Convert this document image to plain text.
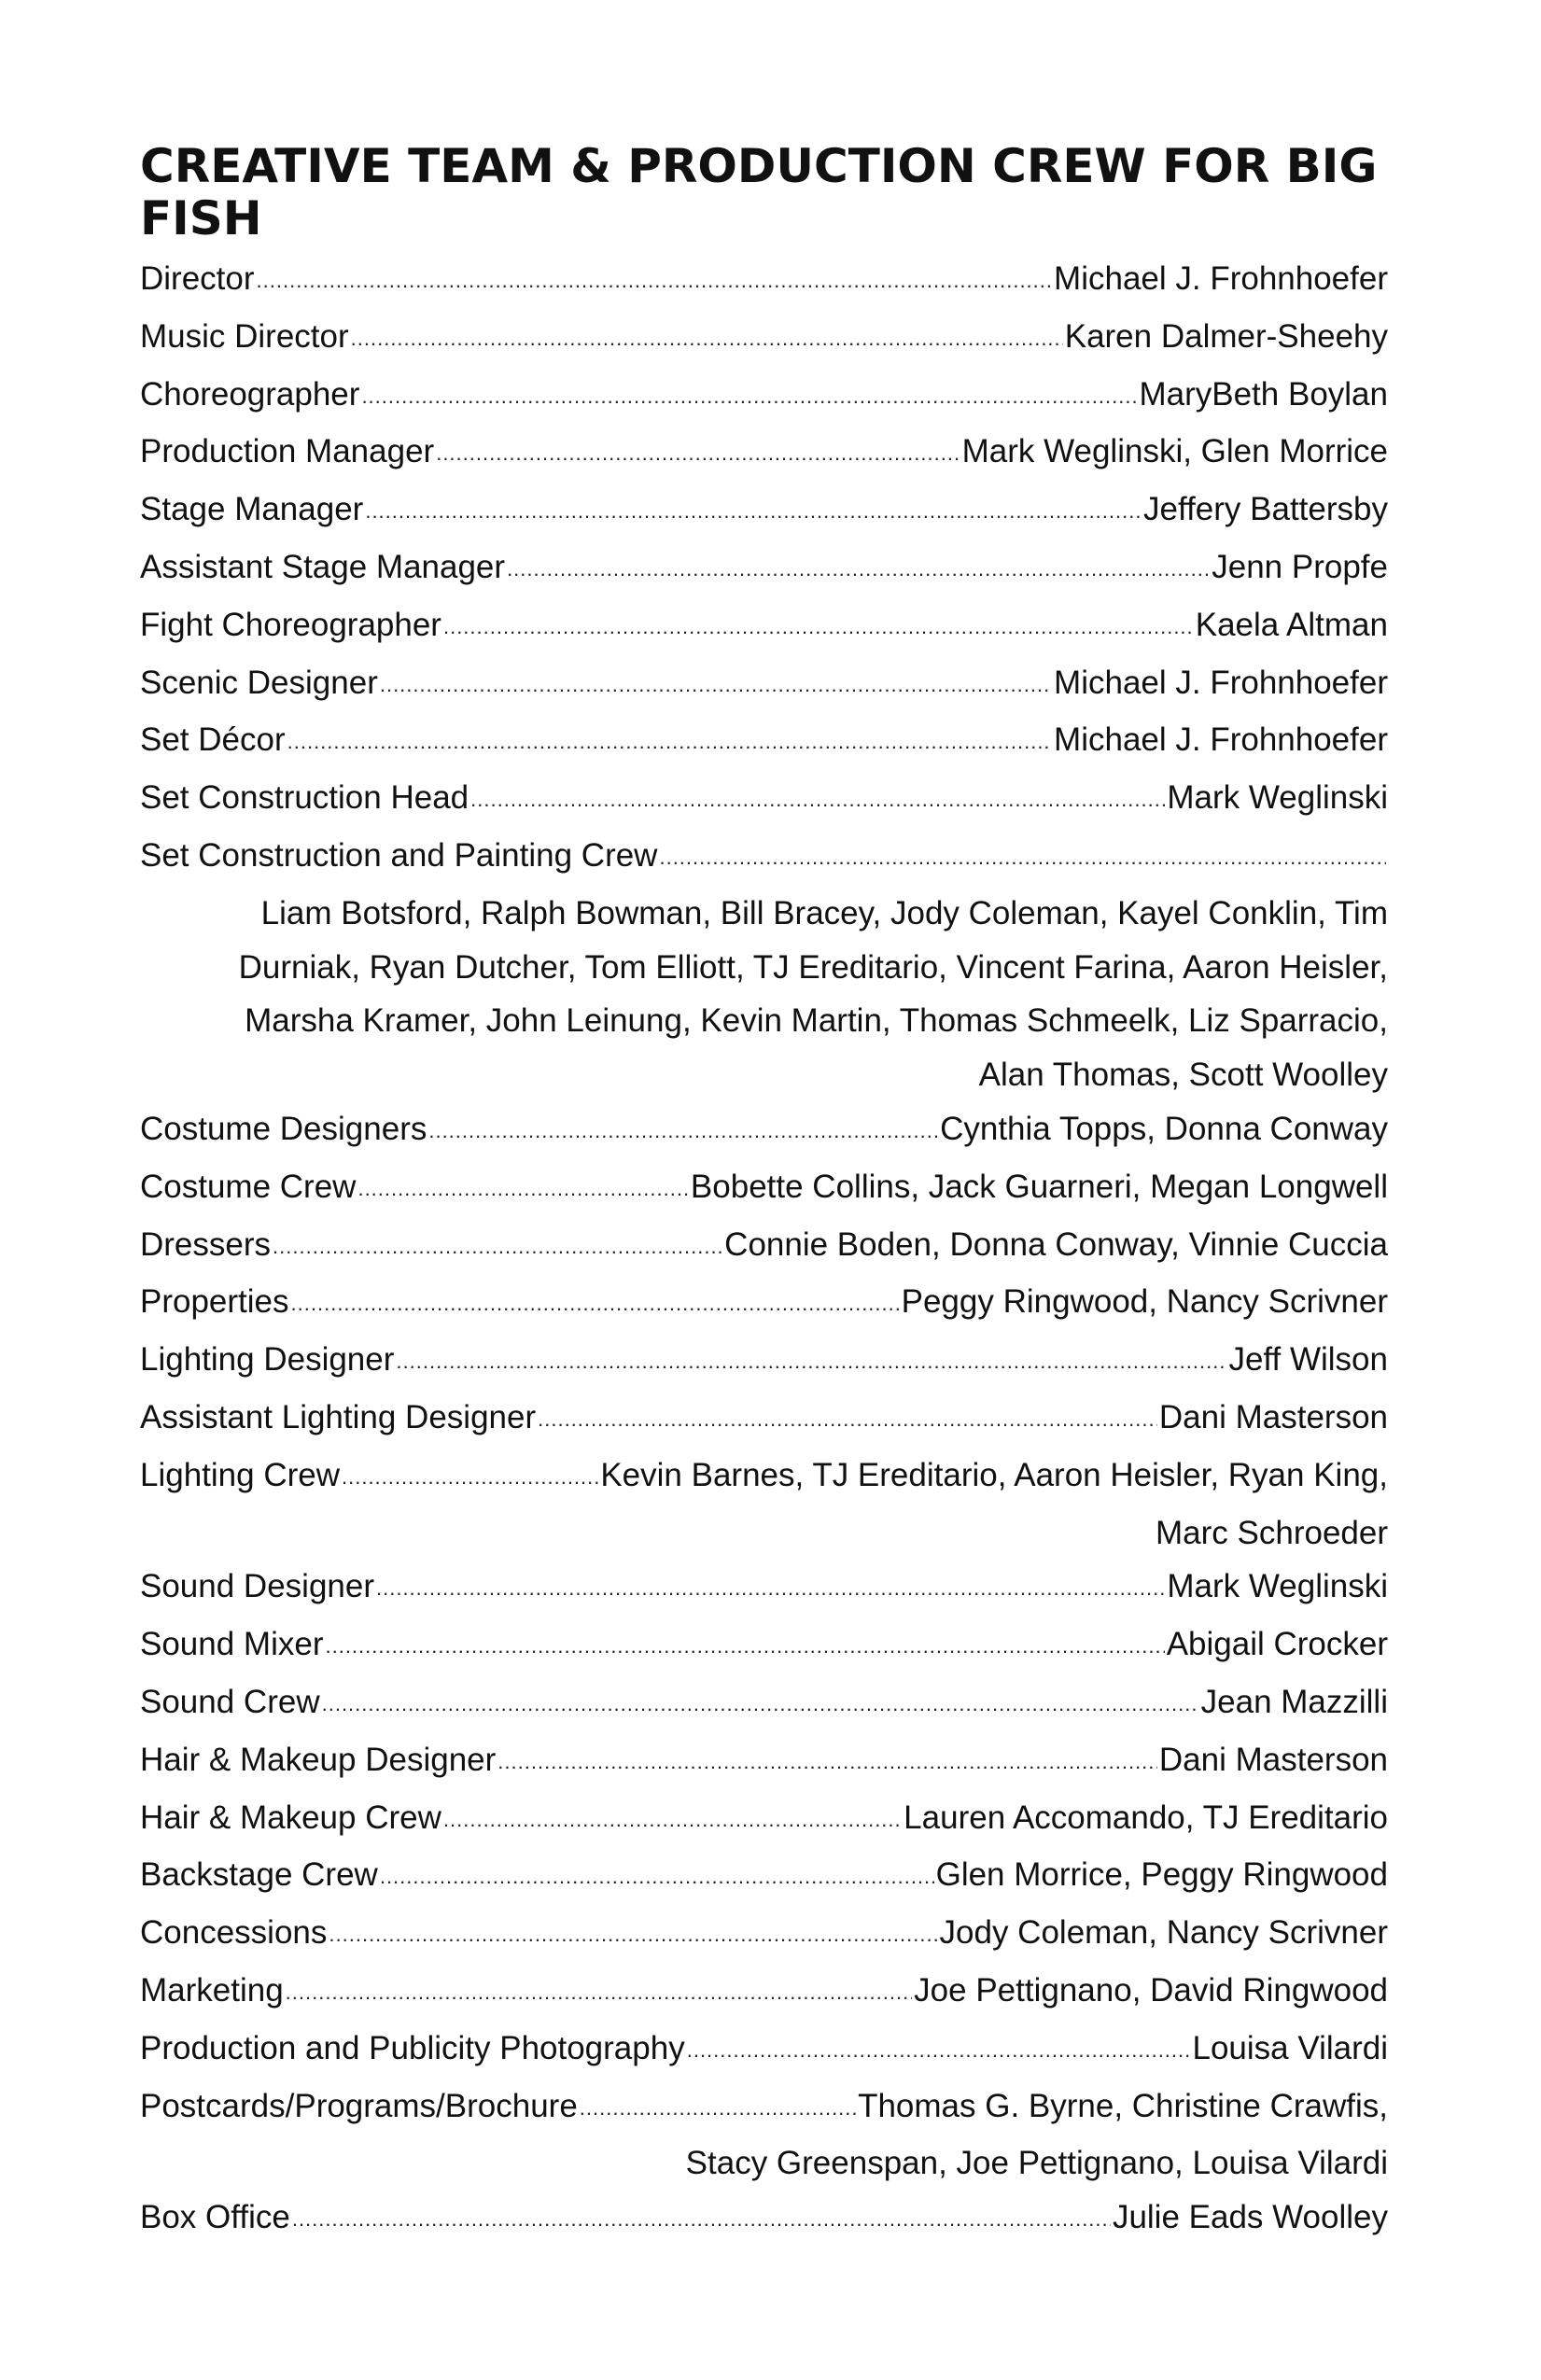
CREATIVE TEAM & PRODUCTION CREW FOR BIG FISH
Director .....	Michael J. Frohnhoefer
Music Director .....	Karen Dalmer-Sheehy
Choreographer .....	MaryBeth Boylan
Production Manager .....	Mark Weglinski, Glen Morrice
Stage Manager .....	Jeffery Battersby
Assistant Stage Manager .....	Jenn Propfe
Fight Choreographer .....	Kaela Altman
Scenic Designer .....	Michael J. Frohnhoefer
Set Décor .....	Michael J. Frohnhoefer
Set Construction Head .....	Mark Weglinski
Set Construction and Painting Crew
.....
Liam Botsford, Ralph Bowman, Bill Bracey, Jody Coleman, Kayel Conklin, Tim
Durniak, Ryan Dutcher, Tom Elliott, TJ Ereditario, Vincent Farina, Aaron Heisler,
Marsha Kramer, John Leinung, Kevin Martin, Thomas Schmeelk, Liz Sparracio,
Alan Thomas, Scott Woolley
Costume Designers .....	Cynthia Topps, Donna Conway
Costume Crew .....	Bobette Collins, Jack Guarneri, Megan Longwell
Dressers .....	Connie Boden, Donna Conway, Vinnie Cuccia
Properties .....	Peggy Ringwood, Nancy Scrivner
Lighting Designer .....	Jeff Wilson
Assistant Lighting Designer .....	Dani Masterson
Lighting Crew .....	Kevin Barnes, TJ Ereditario, Aaron Heisler, Ryan King,
Marc Schroeder
Sound Designer .....	Mark Weglinski
Sound Mixer .....	Abigail Crocker
Sound Crew .....	Jean Mazzilli
Hair & Makeup Designer .....	Dani Masterson
Hair & Makeup Crew .....	Lauren Accomando, TJ Ereditario
Backstage Crew .....	Glen Morrice, Peggy Ringwood
Concessions .....	Jody Coleman, Nancy Scrivner
Marketing .....	Joe Pettignano, David Ringwood
Production and Publicity Photography .....	Louisa Vilardi
Postcards/Programs/Brochure .....	Thomas G. Byrne, Christine Crawfis,
Stacy Greenspan, Joe Pettignano, Louisa Vilardi
Box Office .....	Julie Eads Woolley
